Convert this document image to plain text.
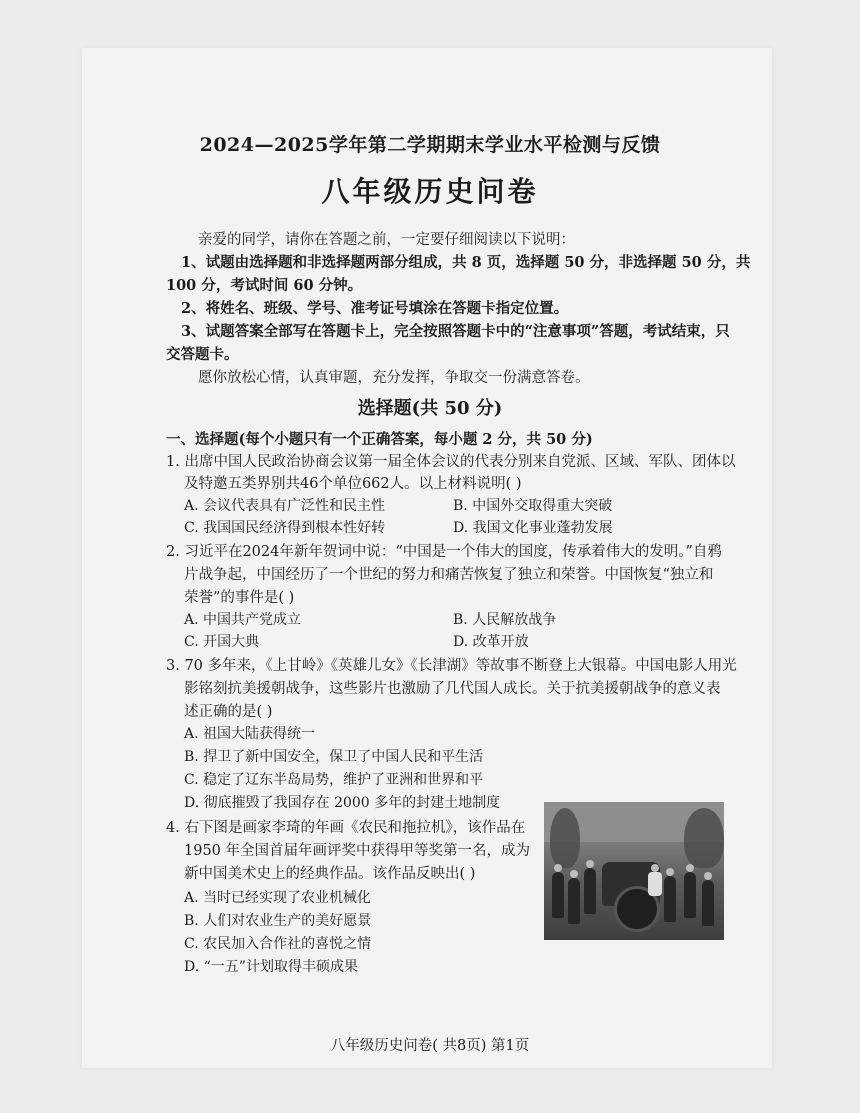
2024—2025学年第二学期期末学业水平检测与反馈
八年级历史问卷
亲爱的同学，请你在答题之前，一定要仔细阅读以下说明：
1、试题由选择题和非选择题两部分组成，共 8 页，选择题 50 分，非选择题 50 分，共
100 分，考试时间 60 分钟。
2、将姓名、班级、学号、准考证号填涂在答题卡指定位置。
3、试题答案全部写在答题卡上，完全按照答题卡中的“注意事项”答题，考试结束，只
交答题卡。
愿你放松心情，认真审题，充分发挥，争取交一份满意答卷。
选择题(共 50 分)
一、选择题(每个小题只有一个正确答案，每小题 2 分，共 50 分)
1. 出席中国人民政治协商会议第一届全体会议的代表分别来自党派、区域、军队、团体以
及特邀五类界别共46个单位662人。以上材料说明( )
A. 会议代表具有广泛性和民主性	B. 中国外交取得重大突破
C. 我国国民经济得到根本性好转	D. 我国文化事业蓬勃发展
2. 习近平在2024年新年贺词中说：“中国是一个伟大的国度，传承着伟大的发明。”自鸦
片战争起，中国经历了一个世纪的努力和痛苦恢复了独立和荣誉。中国恢复“独立和
荣誉”的事件是( )
A. 中国共产党成立	B. 人民解放战争
C. 开国大典	D. 改革开放
3. 70 多年来，《上甘岭》《英雄儿女》《长津湖》等故事不断登上大银幕。中国电影人用光
影铭刻抗美援朝战争，这些影片也激励了几代国人成长。关于抗美援朝战争的意义表
述正确的是( )
A. 祖国大陆获得统一
B. 捍卫了新中国安全，保卫了中国人民和平生活
C. 稳定了辽东半岛局势，维护了亚洲和世界和平
D. 彻底摧毁了我国存在 2000 多年的封建土地制度
4. 右下图是画家李琦的年画《农民和拖拉机》，该作品在
1950 年全国首届年画评奖中获得甲等奖第一名，成为
新中国美术史上的经典作品。该作品反映出( )
A. 当时已经实现了农业机械化
B. 人们对农业生产的美好愿景
C. 农民加入合作社的喜悦之情
D. “一五”计划取得丰硕成果
八年级历史问卷( 共8页) 第1页
